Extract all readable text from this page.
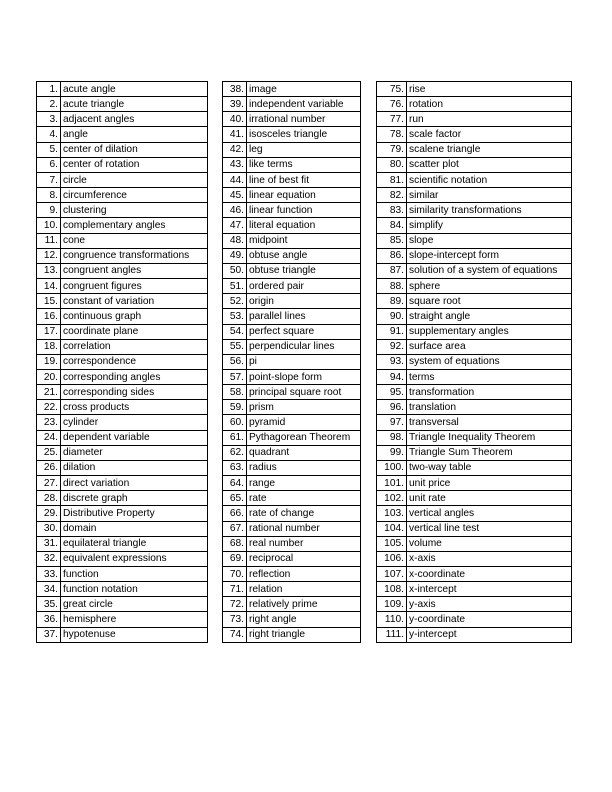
1.	acute angle
2.	acute triangle
3.	adjacent angles
4.	angle
5.	center of dilation
6.	center of rotation
7.	circle
8.	circumference
9.	clustering
10.	complementary angles
11.	cone
12.	congruence transformations
13.	congruent angles
14.	congruent figures
15.	constant of variation
16.	continuous graph
17.	coordinate plane
18.	correlation
19.	correspondence
20.	corresponding angles
21.	corresponding sides
22.	cross products
23.	cylinder
24.	dependent variable
25.	diameter
26.	dilation
27.	direct variation
28.	discrete graph
29.	Distributive Property
30.	domain
31.	equilateral triangle
32.	equivalent expressions
33.	function
34.	function notation
35.	great circle
36.	hemisphere
37.	hypotenuse
38.	image
39.	independent variable
40.	irrational number
41.	isosceles triangle
42.	leg
43.	like terms
44.	line of best fit
45.	linear equation
46.	linear function
47.	literal equation
48.	midpoint
49.	obtuse angle
50.	obtuse triangle
51.	ordered pair
52.	origin
53.	parallel lines
54.	perfect square
55.	perpendicular lines
56.	pi
57.	point-slope form
58.	principal square root
59.	prism
60.	pyramid
61.	Pythagorean Theorem
62.	quadrant
63.	radius
64.	range
65.	rate
66.	rate of change
67.	rational number
68.	real number
69.	reciprocal
70.	reflection
71.	relation
72.	relatively prime
73.	right angle
74.	right triangle
75.	rise
76.	rotation
77.	run
78.	scale factor
79.	scalene triangle
80.	scatter plot
81.	scientific notation
82.	similar
83.	similarity transformations
84.	simplify
85.	slope
86.	slope-intercept form
87.	solution of a system of equations
88.	sphere
89.	square root
90.	straight angle
91.	supplementary angles
92.	surface area
93.	system of equations
94.	terms
95.	transformation
96.	translation
97.	transversal
98.	Triangle Inequality Theorem
99.	Triangle Sum Theorem
100.	two-way table
101.	unit price
102.	unit rate
103.	vertical angles
104.	vertical line test
105.	volume
106.	x-axis
107.	x-coordinate
108.	x-intercept
109.	y-axis
110.	y-coordinate
111.	y-intercept
